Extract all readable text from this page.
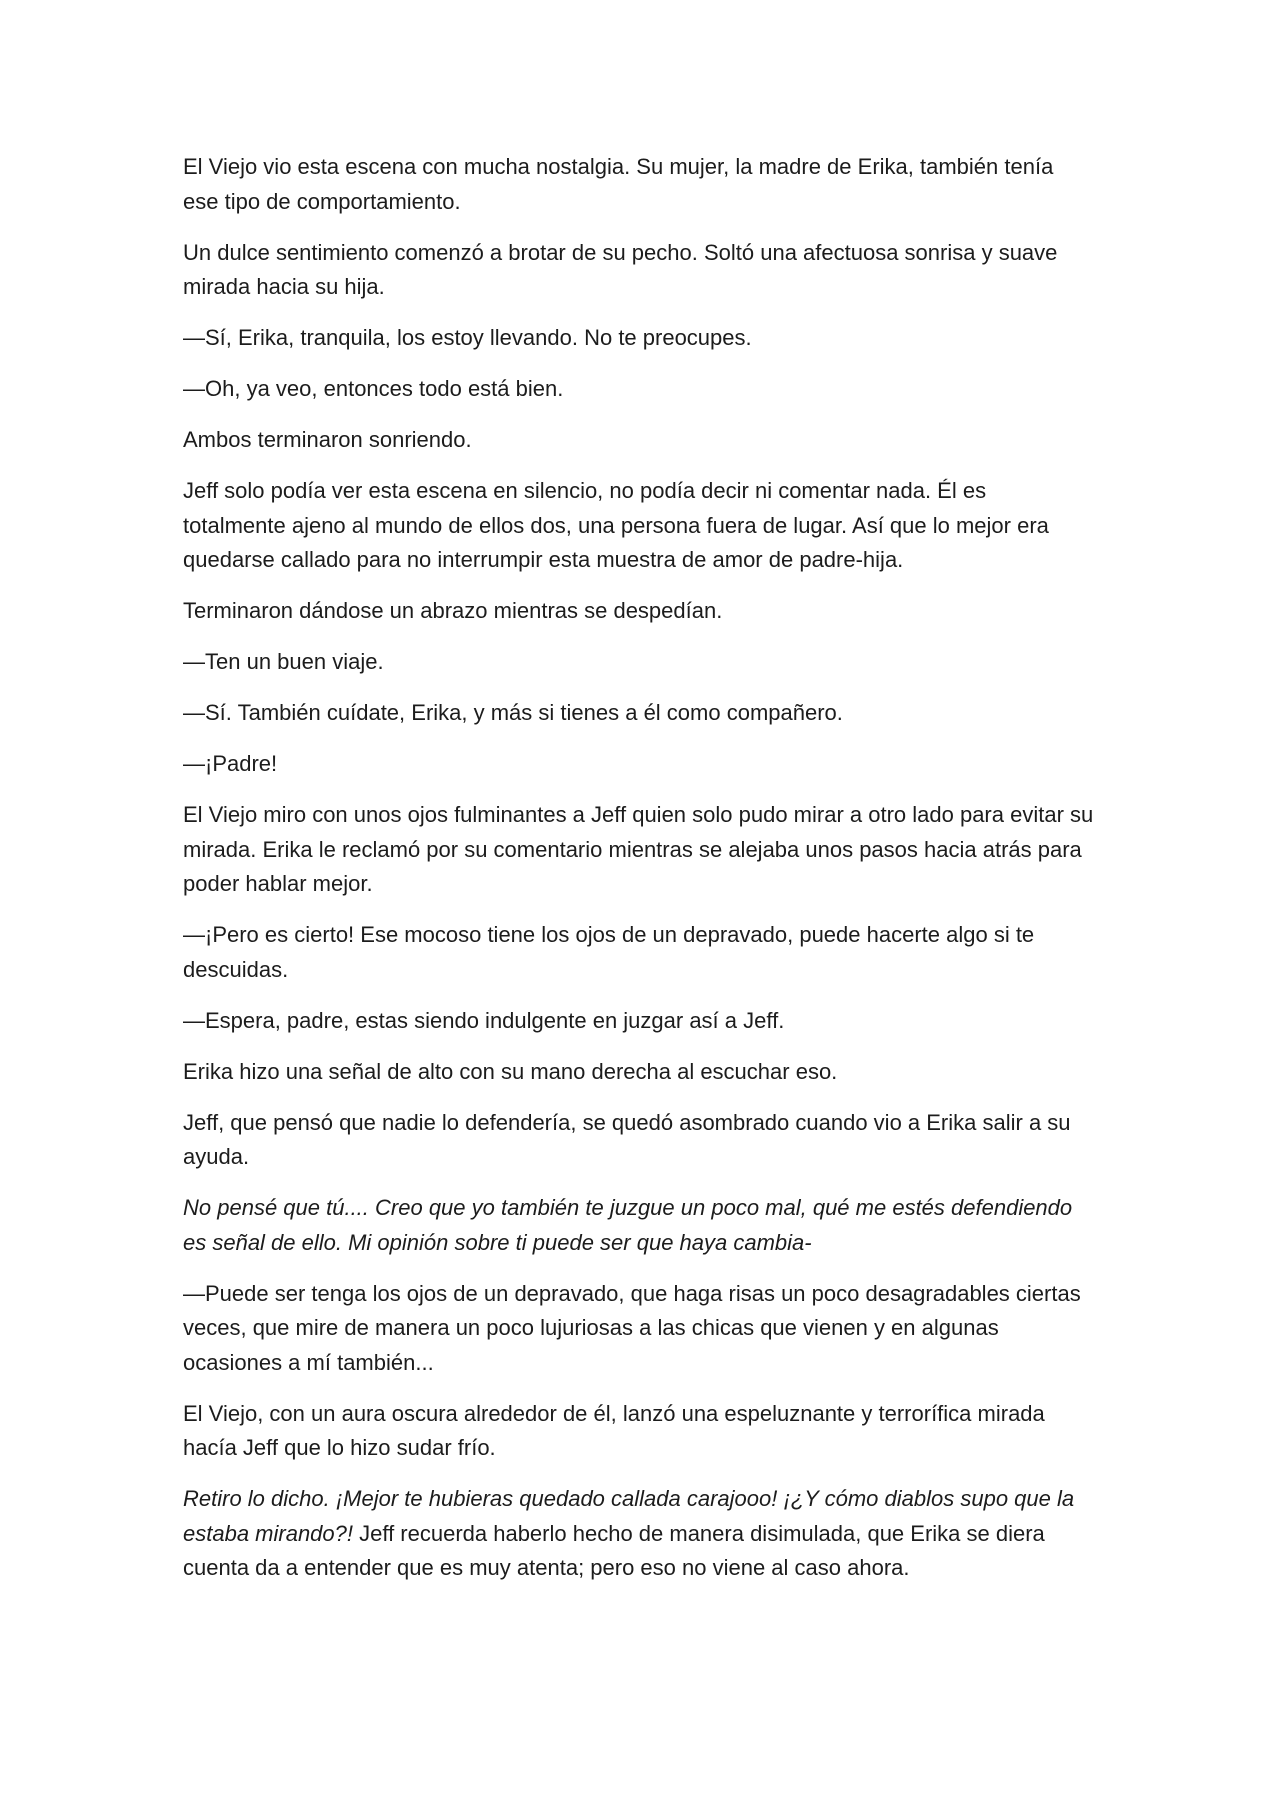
El Viejo vio esta escena con mucha nostalgia. Su mujer, la madre de Erika, también tenía ese tipo de comportamiento.

Un dulce sentimiento comenzó a brotar de su pecho. Soltó una afectuosa sonrisa y suave mirada hacia su hija.

—Sí, Erika, tranquila, los estoy llevando. No te preocupes.

—Oh, ya veo, entonces todo está bien.

Ambos terminaron sonriendo.

Jeff solo podía ver esta escena en silencio, no podía decir ni comentar nada. Él es totalmente ajeno al mundo de ellos dos, una persona fuera de lugar. Así que lo mejor era quedarse callado para no interrumpir esta muestra de amor de padre-hija.

Terminaron dándose un abrazo mientras se despedían.

—Ten un buen viaje.

—Sí. También cuídate, Erika, y más si tienes a él como compañero.

—¡Padre!

El Viejo miro con unos ojos fulminantes a Jeff quien solo pudo mirar a otro lado para evitar su mirada. Erika le reclamó por su comentario mientras se alejaba unos pasos hacia atrás para poder hablar mejor.

—¡Pero es cierto! Ese mocoso tiene los ojos de un depravado, puede hacerte algo si te descuidas.

—Espera, padre, estas siendo indulgente en juzgar así a Jeff.

Erika hizo una señal de alto con su mano derecha al escuchar eso.

Jeff, que pensó que nadie lo defendería, se quedó asombrado cuando vio a Erika salir a su ayuda.

No pensé que tú.... Creo que yo también te juzgue un poco mal, qué me estés defendiendo es señal de ello. Mi opinión sobre ti puede ser que haya cambia-

—Puede ser tenga los ojos de un depravado, que haga risas un poco desagradables ciertas veces, que mire de manera un poco lujuriosas a las chicas que vienen y en algunas ocasiones a mí también...

El Viejo, con un aura oscura alrededor de él, lanzó una espeluznante y terrorífica mirada hacía Jeff que lo hizo sudar frío.

Retiro lo dicho. ¡Mejor te hubieras quedado callada carajooo! ¡¿Y cómo diablos supo que la estaba mirando?! Jeff recuerda haberlo hecho de manera disimulada, que Erika se diera cuenta da a entender que es muy atenta; pero eso no viene al caso ahora.
